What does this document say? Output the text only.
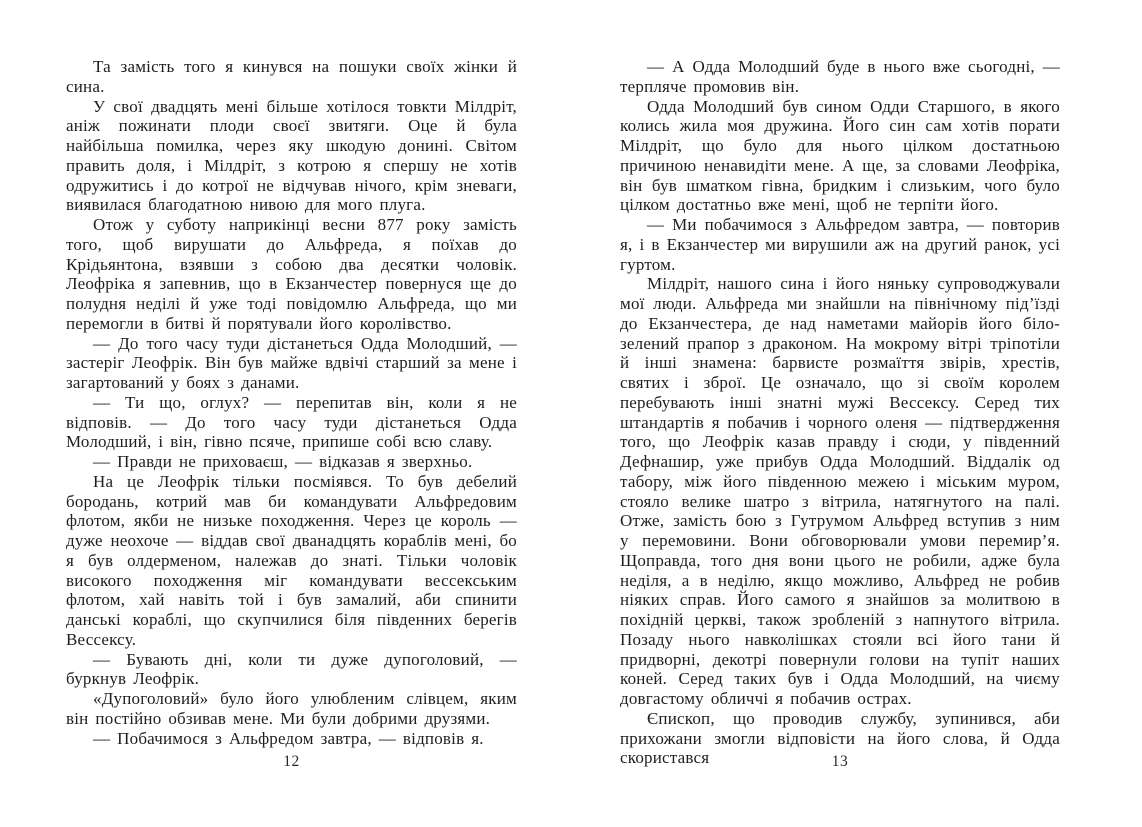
Та замість того я кинувся на пошуки своїх жінки й сина.

У свої двадцять мені більше хотілося товкти Мілдріт, аніж пожинати плоди своєї звитяги. Оце й була найбільша помилка, через яку шкодую донині. Світом править доля, і Мілдріт, з котрою я спершу не хотів одружитись і до котрої не відчував нічого, крім зневаги, виявилася благодатною нивою для мого плуга.

Отож у суботу наприкінці весни 877 року замість того, щоб вирушати до Альфреда, я поїхав до Крідьянтона, взявши з собою два десятки чоловік. Леофріка я запевнив, що в Екзанчестер повернуся ще до полудня неділі й уже тоді повідомлю Альфреда, що ми перемогли в битві й порятували його королівство.

— До того часу туди дістанеться Одда Молодший, — застеріг Леофрік. Він був майже вдвічі старший за мене і загартований у боях з данами.

— Ти що, оглух? — перепитав він, коли я не відповів. — До того часу туди дістанеться Одда Молодший, і він, гівно псяче, припише собі всю славу.

— Правди не приховаєш, — відказав я зверхньо.

На це Леофрік тільки посміявся. То був дебелий бородань, котрий мав би командувати Альфредовим флотом, якби не низьке походження. Через це король — дуже неохоче — віддав свої дванадцять кораблів мені, бо я був олдерменом, належав до знаті. Тільки чоловік високого походження міг командувати вессекським флотом, хай навіть той і був замалий, аби спинити данські кораблі, що скупчилися біля південних берегів Вессексу.

— Бувають дні, коли ти дуже дупоголовий, — буркнув Леофрік.

«Дупоголовий» було його улюбленим слівцем, яким він постійно обзивав мене. Ми були добрими друзями.

— Побачимося з Альфредом завтра, — відповів я.

12

— А Одда Молодший буде в нього вже сьогодні, — терпляче промовив він.

Одда Молодший був сином Одди Старшого, в якого колись жила моя дружина. Його син сам хотів порати Мілдріт, що було для нього цілком достатньою причиною ненавидіти мене. А ще, за словами Леофріка, він був шматком гівна, бридким і слизьким, чого було цілком достатньо вже мені, щоб не терпіти його.

— Ми побачимося з Альфредом завтра, — повторив я, і в Екзанчестер ми вирушили аж на другий ранок, усі гуртом.

Мілдріт, нашого сина і його няньку супроводжували мої люди. Альфреда ми знайшли на північному під’їзді до Екзанчестера, де над наметами майорів його біло-зелений прапор з драконом. На мокрому вітрі тріпотіли й інші знамена: барвисте розмаїття звірів, хрестів, святих і зброї. Це означало, що зі своїм королем перебувають інші знатні мужі Вессексу. Серед тих штандартів я побачив і чорного оленя — підтвердження того, що Леофрік казав правду і сюди, у південний Дефнашир, уже прибув Одда Молодший. Віддалік од табору, між його південною межею і міським муром, стояло велике шатро з вітрила, натягнутого на палі. Отже, замість бою з Гутрумом Альфред вступив з ним у перемовини. Вони обговорювали умови перемир’я. Щоправда, того дня вони цього не робили, адже була неділя, а в неділю, якщо можливо, Альфред не робив ніяких справ. Його самого я знайшов за молитвою в похідній церкві, також зробленій з напнутого вітрила. Позаду нього навколішках стояли всі його тани й придворні, декотрі повернули голови на тупіт наших коней. Серед таких був і Одда Молодший, на чиєму довгастому обличчі я побачив острах.

Єпископ, що проводив службу, зупинився, аби прихожани змогли відповісти на його слова, й Одда скористався	13
